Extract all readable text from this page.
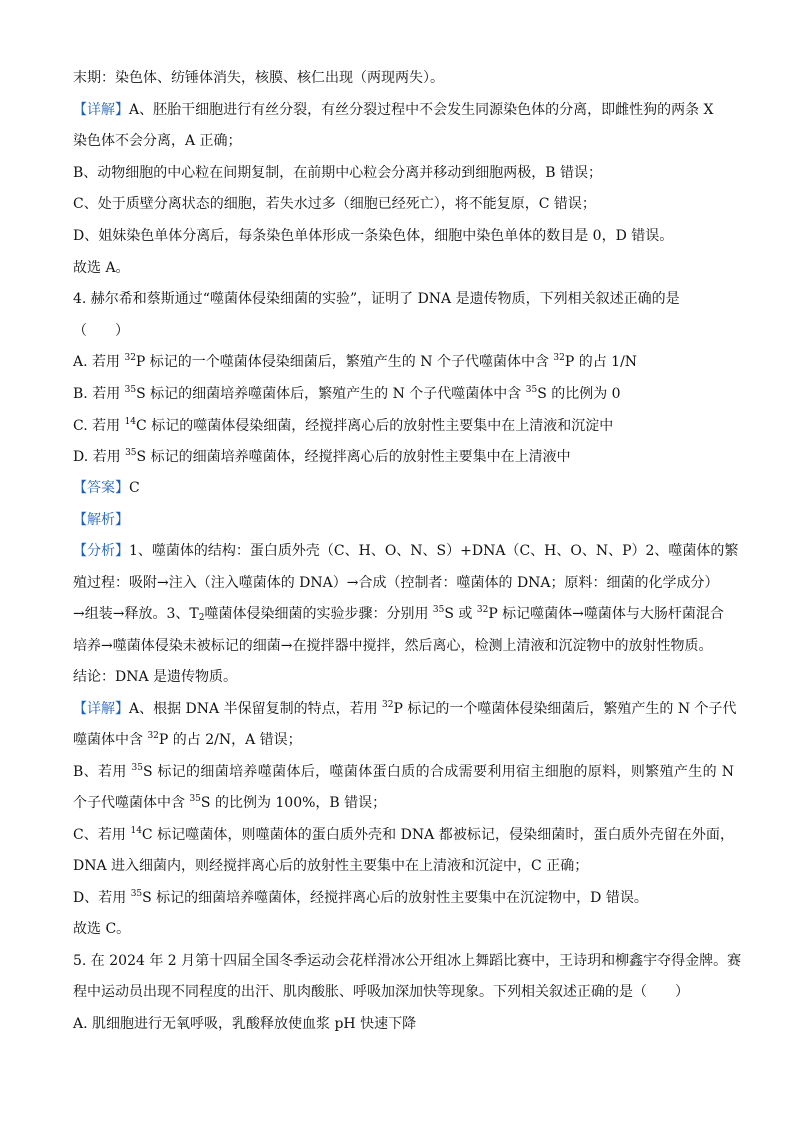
末期：染色体、纺锤体消失，核膜、核仁出现（两现两失）。
【详解】A、胚胎干细胞进行有丝分裂，有丝分裂过程中不会发生同源染色体的分离，即雌性狗的两条 X
染色体不会分离，A 正确；
B、动物细胞的中心粒在间期复制，在前期中心粒会分离并移动到细胞两极，B 错误；
C、处于质壁分离状态的细胞，若失水过多（细胞已经死亡），将不能复原，C 错误；
D、姐妹染色单体分离后，每条染色单体形成一条染色体，细胞中染色单体的数目是 0，D 错误。
故选 A。
4. 赫尔希和蔡斯通过“噬菌体侵染细菌的实验”，证明了 DNA 是遗传物质，下列相关叙述正确的是
（　　）
A. 若用 $^{32}$P 标记的一个噬菌体侵染细菌后，繁殖产生的 N 个子代噬菌体中含 $^{32}$P 的占 1/N
B. 若用 $^{35}$S 标记的细菌培养噬菌体后，繁殖产生的 N 个子代噬菌体中含 $^{35}$S 的比例为 0
C. 若用 $^{14}$C 标记的噬菌体侵染细菌，经搅拌离心后的放射性主要集中在上清液和沉淀中
D. 若用 $^{35}$S 标记的细菌培养噬菌体，经搅拌离心后的放射性主要集中在上清液中
【答案】C
【解析】
【分析】1、噬菌体的结构：蛋白质外壳（C、H、O、N、S）+DNA（C、H、O、N、P）2、噬菌体的繁
殖过程：吸附→注入（注入噬菌体的 DNA）→合成（控制者：噬菌体的 DNA；原料：细菌的化学成分）
→组装→释放。3、$T_2$噬菌体侵染细菌的实验步骤：分别用 $^{35}$S 或 $^{32}$P 标记噬菌体→噬菌体与大肠杆菌混合
培养→噬菌体侵染未被标记的细菌→在搅拌器中搅拌，然后离心，检测上清液和沉淀物中的放射性物质。
结论：DNA 是遗传物质。
【详解】A、根据 DNA 半保留复制的特点，若用 $^{32}$P 标记的一个噬菌体侵染细菌后，繁殖产生的 N 个子代
噬菌体中含 $^{32}$P 的占 2/N，A 错误；
B、若用 $^{35}$S 标记的细菌培养噬菌体后，噬菌体蛋白质的合成需要利用宿主细胞的原料，则繁殖产生的 N
个子代噬菌体中含 $^{35}$S 的比例为 100%，B 错误；
C、若用 $^{14}$C 标记噬菌体，则噬菌体的蛋白质外壳和 DNA 都被标记，侵染细菌时，蛋白质外壳留在外面，
DNA 进入细菌内，则经搅拌离心后的放射性主要集中在上清液和沉淀中，C 正确；
D、若用 $^{35}$S 标记的细菌培养噬菌体，经搅拌离心后的放射性主要集中在沉淀物中，D 错误。
故选 C。
5. 在 2024 年 2 月第十四届全国冬季运动会花样滑冰公开组冰上舞蹈比赛中，王诗玥和柳鑫宇夺得金牌。赛
程中运动员出现不同程度的出汗、肌肉酸胀、呼吸加深加快等现象。下列相关叙述正确的是（　　）
A. 肌细胞进行无氧呼吸，乳酸释放使血浆 pH 快速下降
